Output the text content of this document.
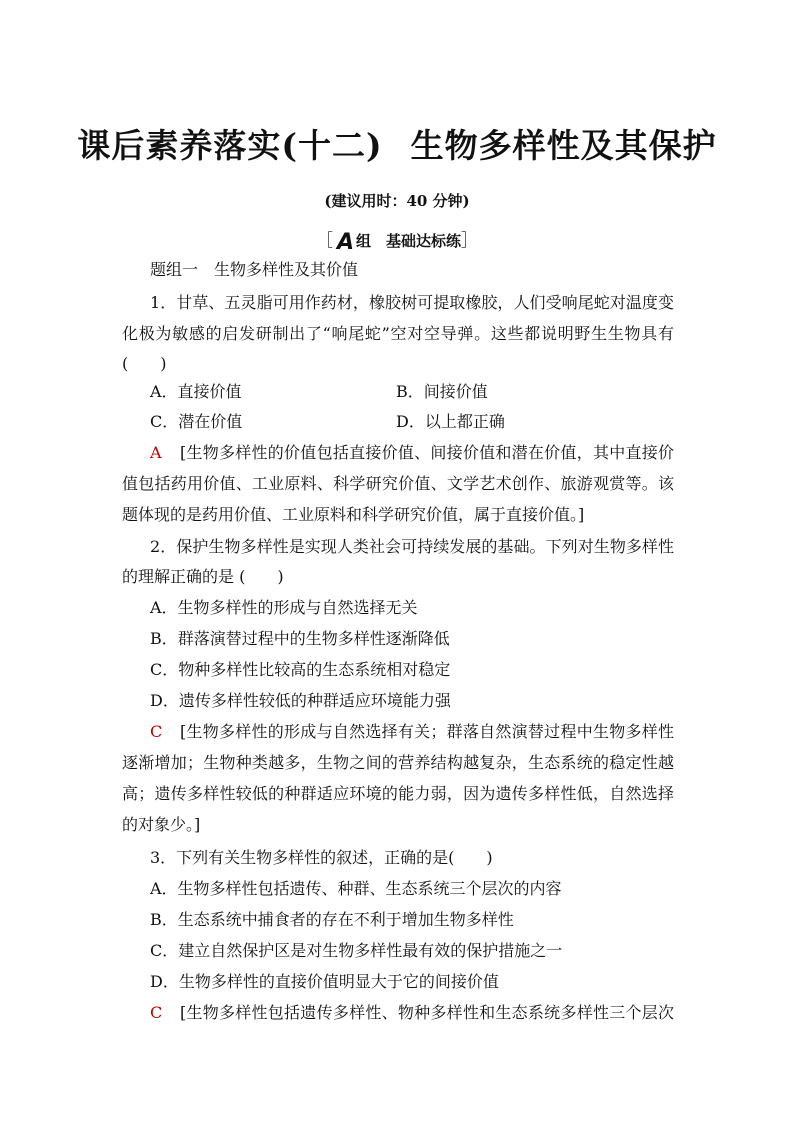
课后素养落实(十二) 生物多样性及其保护
(建议用时：40 分钟)
［ A 组　基础达标练］
题组一　生物多样性及其价值
1．甘草、五灵脂可用作药材，橡胶树可提取橡胶，人们受响尾蛇对温度变
化极为敏感的启发研制出了“响尾蛇”空对空导弹。这些都说明野生生物具有
(　　)
A．直接价值	B．间接价值
C．潜在价值	D．以上都正确
A	[生物多样性的价值包括直接价值、间接价值和潜在价值，其中直接价
值包括药用价值、工业原料、科学研究价值、文学艺术创作、旅游观赏等。该
题体现的是药用价值、工业原料和科学研究价值，属于直接价值。]
2．保护生物多样性是实现人类社会可持续发展的基础。下列对生物多样性
的理解正确的是 (　　)
A．生物多样性的形成与自然选择无关
B．群落演替过程中的生物多样性逐渐降低
C．物种多样性比较高的生态系统相对稳定
D．遗传多样性较低的种群适应环境能力强
C	[生物多样性的形成与自然选择有关；群落自然演替过程中生物多样性
逐渐增加；生物种类越多，生物之间的营养结构越复杂，生态系统的稳定性越
高；遗传多样性较低的种群适应环境的能力弱，因为遗传多样性低，自然选择
的对象少。]
3．下列有关生物多样性的叙述，正确的是(　　)
A．生物多样性包括遗传、种群、生态系统三个层次的内容
B．生态系统中捕食者的存在不利于增加生物多样性
C．建立自然保护区是对生物多样性最有效的保护措施之一
D．生物多样性的直接价值明显大于它的间接价值
C	[生物多样性包括遗传多样性、物种多样性和生态系统多样性三个层次
